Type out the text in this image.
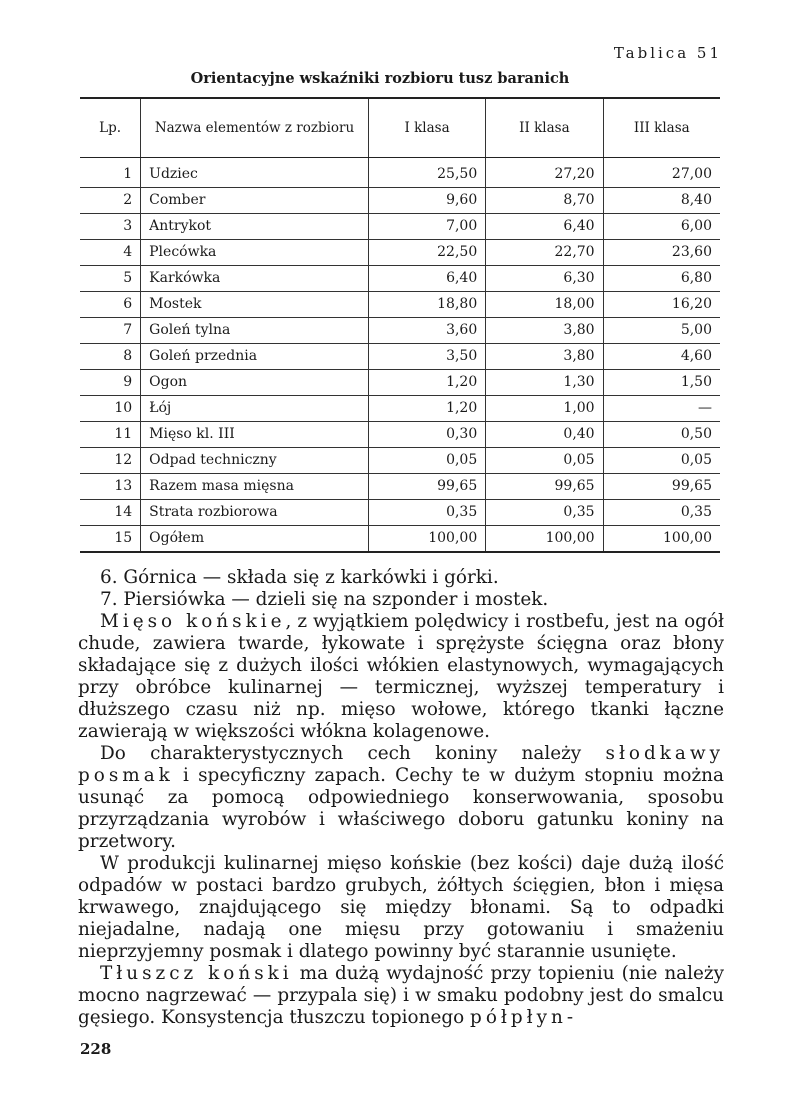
Tablica 51
Orientacyjne wskaźniki rozbioru tusz baranich
Lp.	Nazwa elementów z rozbioru	I klasa	II klasa	III klasa
1	Udziec	25,50	27,20	27,00
2	Comber	9,60	8,70	8,40
3	Antrykot	7,00	6,40	6,00
4	Plecówka	22,50	22,70	23,60
5	Karkówka	6,40	6,30	6,80
6	Mostek	18,80	18,00	16,20
7	Goleń tylna	3,60	3,80	5,00
8	Goleń przednia	3,50	3,80	4,60
9	Ogon	1,20	1,30	1,50
10	Łój	1,20	1,00	—
11	Mięso kl. III	0,30	0,40	0,50
12	Odpad techniczny	0,05	0,05	0,05
13	Razem masa mięsna	99,65	99,65	99,65
14	Strata rozbiorowa	0,35	0,35	0,35
15	Ogółem	100,00	100,00	100,00

6. Górnica — składa się z karkówki i górki.

7. Piersiówka — dzieli się na szponder i mostek.

Mięso końskie, z wyjątkiem polędwicy i rostbefu, jest na ogół chude, zawiera twarde, łykowate i sprężyste ścięgna oraz błony składające się z dużych ilości włókien elastynowych, wymagających przy obróbce kulinarnej — termicznej, wyższej temperatury i dłuższego czasu niż np. mięso wołowe, którego tkanki łączne zawierają w większości włókna kolagenowe.

Do charakterystycznych cech koniny należy słodkawy posmak i specyficzny zapach. Cechy te w dużym stopniu można usunąć za pomocą odpowiedniego konserwowania, sposobu przyrządzania wyrobów i właściwego doboru gatunku koniny na przetwory.

W produkcji kulinarnej mięso końskie (bez kości) daje dużą ilość odpadów w postaci bardzo grubych, żółtych ścięgien, błon i mięsa krwawego, znajdującego się między błonami. Są to odpadki niejadalne, nadają one mięsu przy gotowaniu i smażeniu nieprzyjemny posmak i dlatego powinny być starannie usunięte.

Tłuszcz koński ma dużą wydajność przy topieniu (nie należy mocno nagrzewać — przypala się) i w smaku podobny jest do smalcu gęsiego. Konsystencja tłuszczu topionego półpłyn-

228
